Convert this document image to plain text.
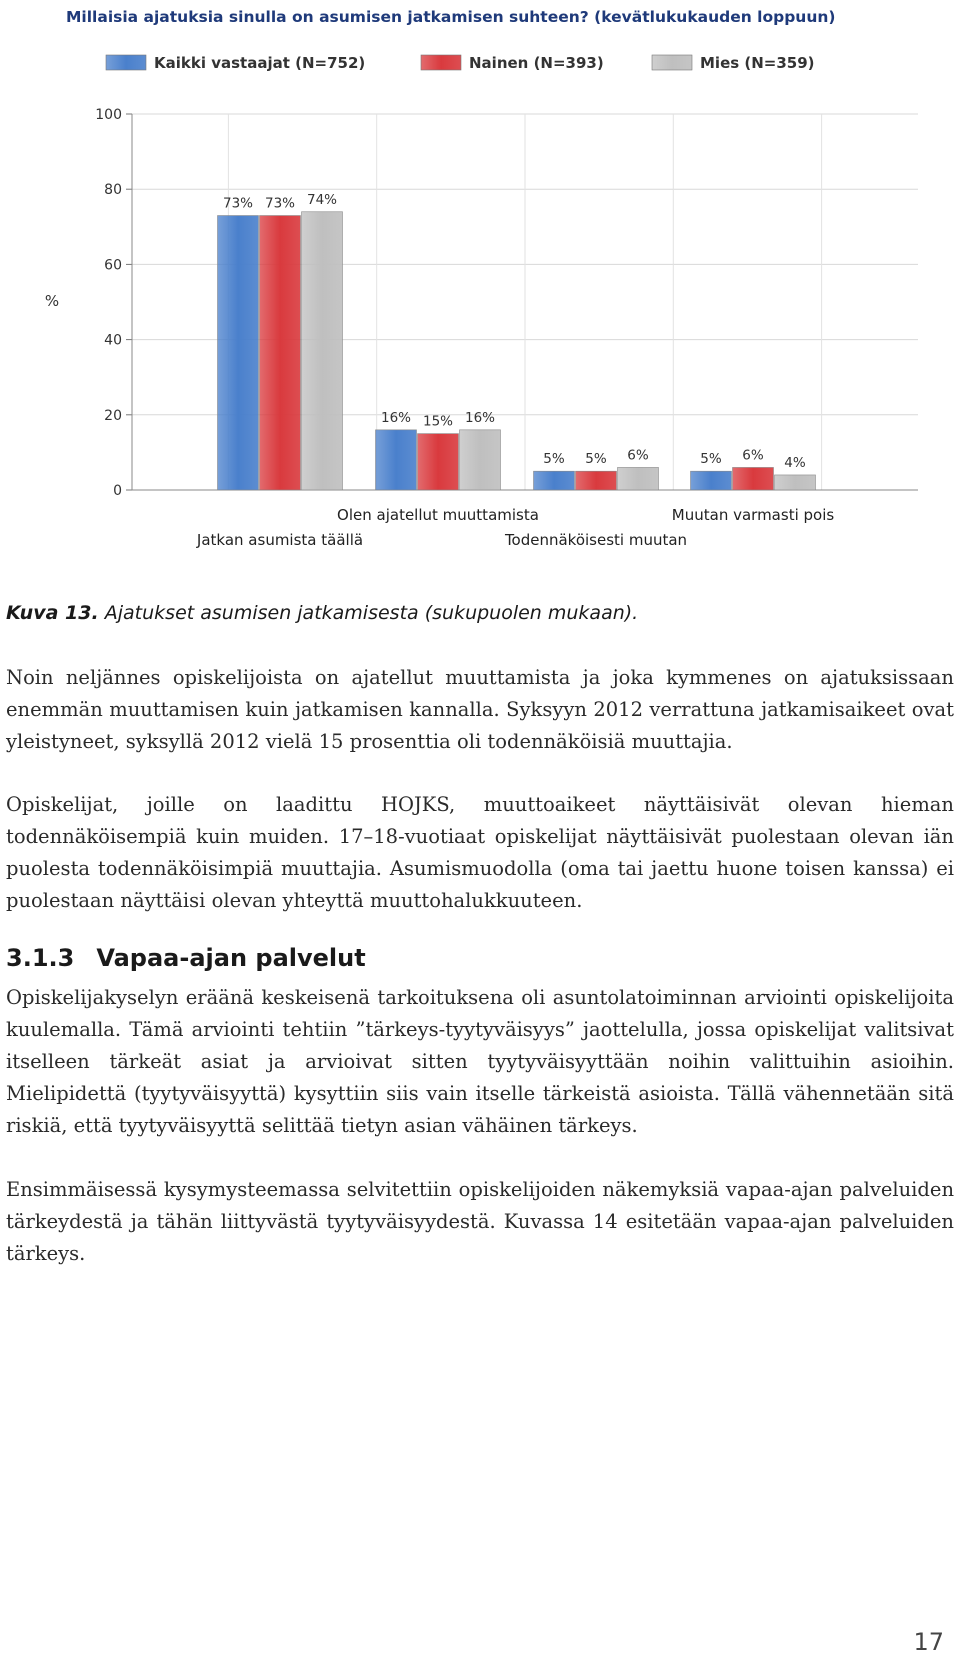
Millaisia ajatuksia sinulla on asumisen jatkamisen suhteen? (kevätlukukauden loppuun)
Kaikki vastaajat (N=752)	Nainen (N=393)	Mies (N=359)
0
20
40
60
80
100
%
73%
16%
5%	5%
73%
15%
5%	6%
74%
16%
6%	4%
Jatkan asumista täällä
Olen ajatellut muuttamista
Todennäköisesti muutan
Muutan varmasti pois
Kuva 13. Ajatukset asumisen jatkamisesta (sukupuolen mukaan).

Noin neljännes opiskelijoista on ajatellut muuttamista ja joka kymmenes on ajatuksissaan enemmän muuttamisen kuin jatkamisen kannalla. Syksyyn 2012 verrattuna jatkamisaikeet ovat yleistyneet, syksyllä 2012 vielä 15 prosenttia oli todennäköisiä muuttajia.

Opiskelijat, joille on laadittu HOJKS, muuttoaikeet näyttäisivät olevan hieman todennäköisempiä kuin muiden. 17–18-vuotiaat opiskelijat näyttäisivät puolestaan olevan iän puolesta todennäköisimpiä muuttajia. Asumismuodolla (oma tai jaettu huone toisen kanssa) ei puolestaan näyttäisi olevan yhteyttä muuttohalukkuuteen.

3.1.3 Vapaa-ajan palvelut

Opiskelijakyselyn eräänä keskeisenä tarkoituksena oli asuntolatoiminnan arviointi opiskelijoita kuulemalla. Tämä arviointi tehtiin ”tärkeys-tyytyväisyys” jaottelulla, jossa opiskelijat valitsivat itselleen tärkeät asiat ja arvioivat sitten tyytyväisyyttään noihin valittuihin asioihin. Mielipidettä (tyytyväisyyttä) kysyttiin siis vain itselle tärkeistä asioista. Tällä vähennetään sitä riskiä, että tyytyväisyyttä selittää tietyn asian vähäinen tärkeys.

Ensimmäisessä kysymysteemassa selvitettiin opiskelijoiden näkemyksiä vapaa-ajan palveluiden tärkeydestä ja tähän liittyvästä tyytyväisyydestä. Kuvassa 14 esitetään vapaa-ajan palveluiden tärkeys.

17
